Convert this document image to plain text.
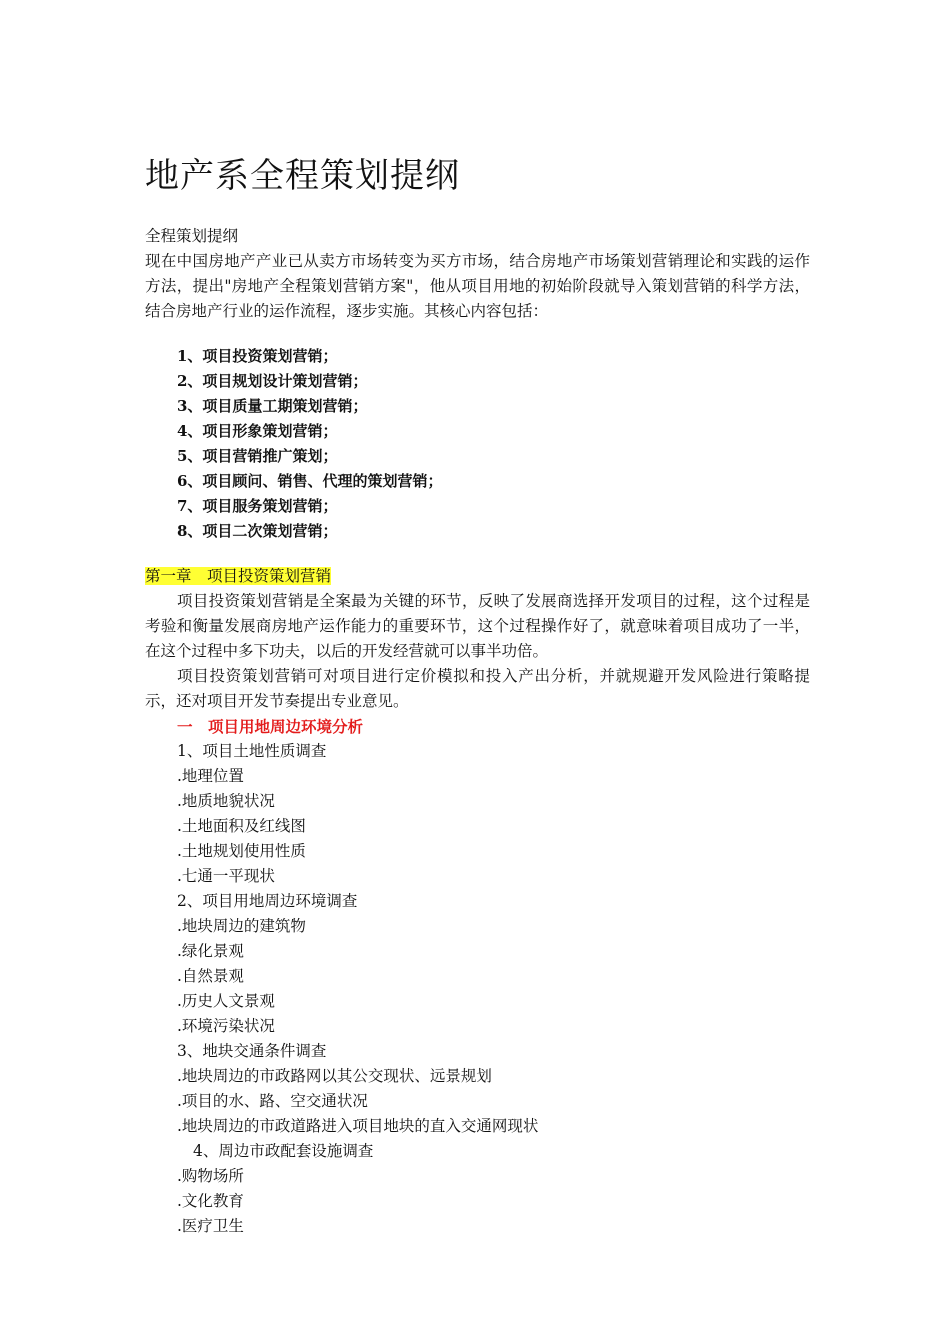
地产系全程策划提纲

全程策划提纲

现在中国房地产产业已从卖方市场转变为买方市场，结合房地产市场策划营销理论和实践的运作方法，提出"房地产全程策划营销方案"，他从项目用地的初始阶段就导入策划营销的科学方法，结合房地产行业的运作流程，逐步实施。其核心内容包括：

1、项目投资策划营销；
2、项目规划设计策划营销；
3、项目质量工期策划营销；
4、项目形象策划营销；
5、项目营销推广策划；
6、项目顾问、销售、代理的策划营销；
7、项目服务策划营销；
8、项目二次策划营销；

第一章　项目投资策划营销

项目投资策划营销是全案最为关键的环节，反映了发展商选择开发项目的过程，这个过程是考验和衡量发展商房地产运作能力的重要环节，这个过程操作好了，就意味着项目成功了一半，在这个过程中多下功夫，以后的开发经营就可以事半功倍。

项目投资策划营销可对项目进行定价模拟和投入产出分析，并就规避开发风险进行策略提示，还对项目开发节奏提出专业意见。

一　项目用地周边环境分析

1、项目土地性质调查

.地理位置

.地质地貌状况

.土地面积及红线图

.土地规划使用性质

.七通一平现状

2、项目用地周边环境调查

.地块周边的建筑物

.绿化景观

.自然景观

.历史人文景观

.环境污染状况

3、地块交通条件调查

.地块周边的市政路网以其公交现状、远景规划

.项目的水、路、空交通状况

.地块周边的市政道路进入项目地块的直入交通网现状

4、周边市政配套设施调查

.购物场所

.文化教育

.医疗卫生
